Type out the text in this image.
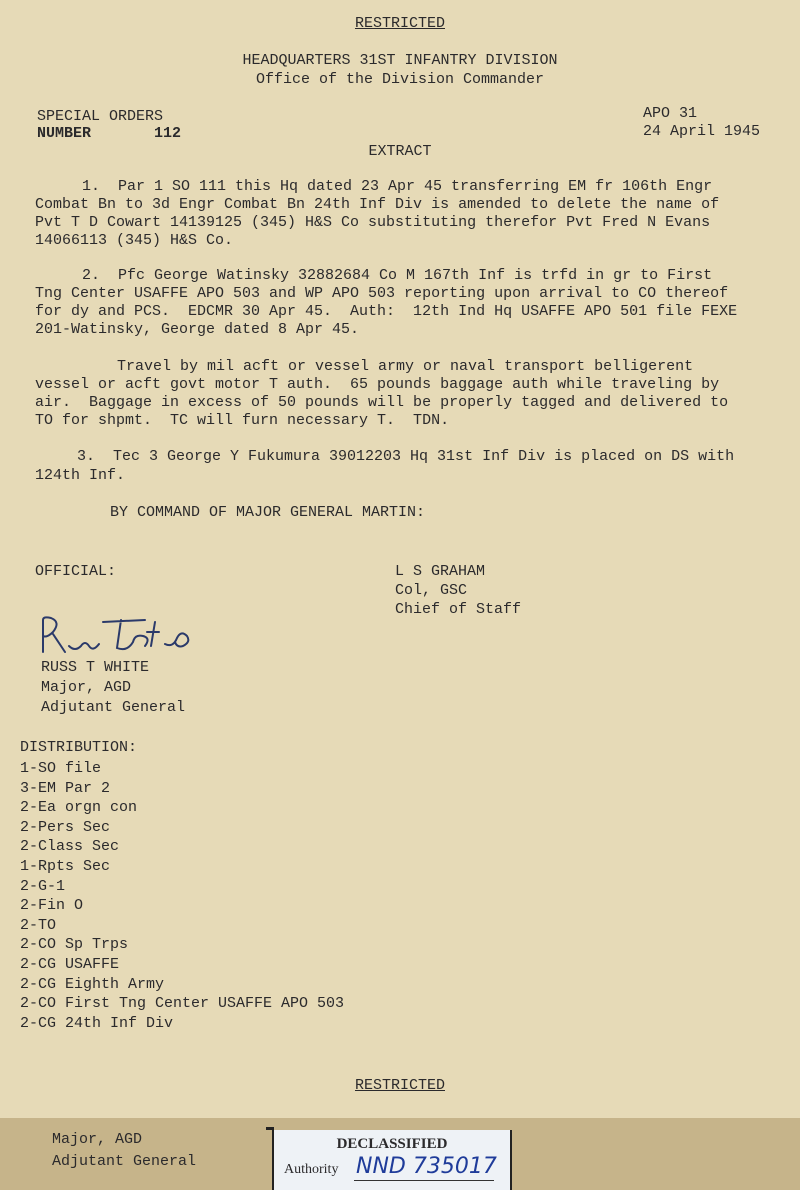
RESTRICTED
HEADQUARTERS 31ST INFANTRY DIVISION
Office of the Division Commander
SPECIAL ORDERS
NUMBER       112
APO 31
24 April 1945
EXTRACT
1.  Par 1 SO 111 this Hq dated 23 Apr 45 transferring EM fr 106th Engr
Combat Bn to 3d Engr Combat Bn 24th Inf Div is amended to delete the name of
Pvt T D Cowart 14139125 (345) H&S Co substituting therefor Pvt Fred N Evans
14066113 (345) H&S Co.
2.  Pfc George Watinsky 32882684 Co M 167th Inf is trfd in gr to First
Tng Center USAFFE APO 503 and WP APO 503 reporting upon arrival to CO thereof
for dy and PCS.  EDCMR 30 Apr 45.  Auth:  12th Ind Hq USAFFE APO 501 file FEXE
201-Watinsky, George dated 8 Apr 45.
Travel by mil acft or vessel army or naval transport belligerent
vessel or acft govt motor T auth.  65 pounds baggage auth while traveling by
air.  Baggage in excess of 50 pounds will be properly tagged and delivered to
TO for shpmt.  TC will furn necessary T.  TDN.
3.  Tec 3 George Y Fukumura 39012203 Hq 31st Inf Div is placed on DS with
124th Inf.
BY COMMAND OF MAJOR GENERAL MARTIN:
OFFICIAL:	L S GRAHAM
Col, GSC
Chief of Staff
RUSS T WHITE
Major, AGD
Adjutant General
DISTRIBUTION:
1-SO file
3-EM Par 2
2-Ea orgn con
2-Pers Sec
2-Class Sec
1-Rpts Sec
2-G-1
2-Fin O
2-TO
2-CO Sp Trps
2-CG USAFFE
2-CG Eighth Army
2-CO First Tng Center USAFFE APO 503
2-CG 24th Inf Div
RESTRICTED
Major, AGD
Adjutant General
DECLASSIFIED
Authority NND 735017
